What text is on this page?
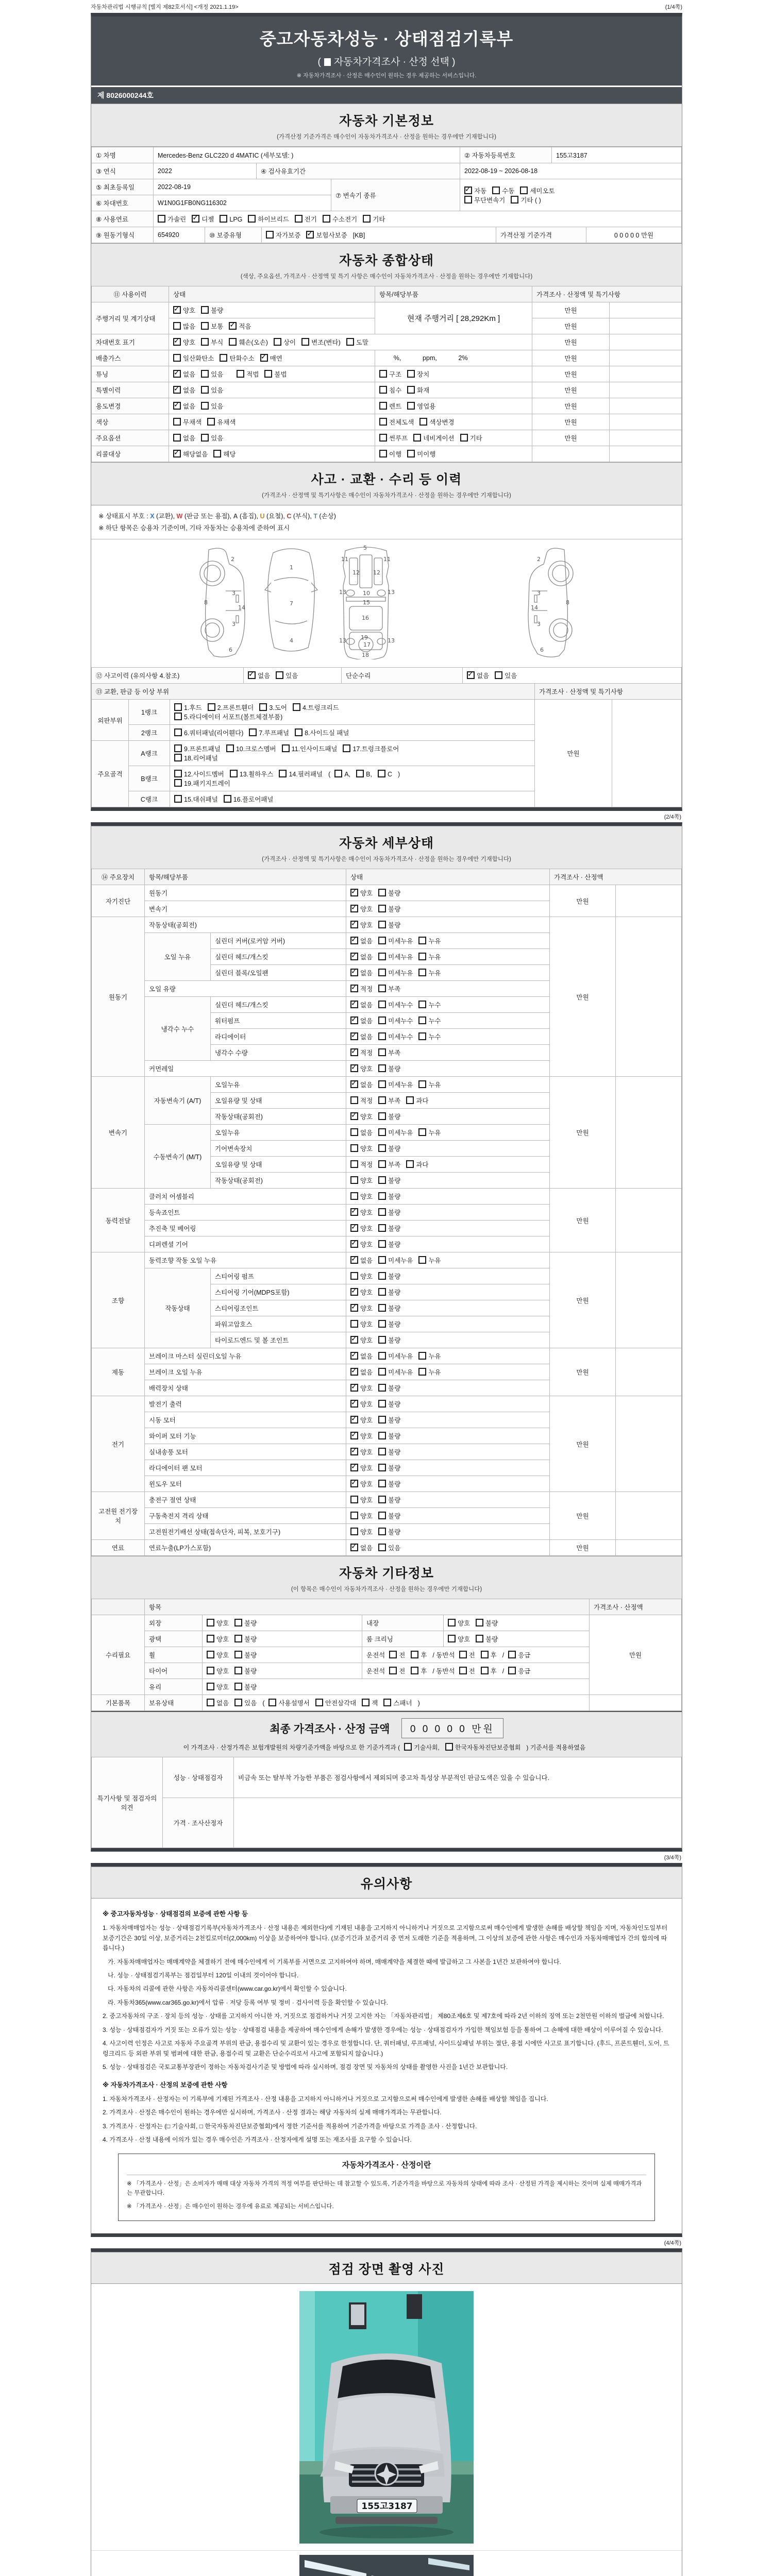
자동차관리법 시행규칙 [별지 제82호서식] <개정 2021.1.19>	(1/4쪽)
중고자동차성능 · 상태점검기록부
( 자동차가격조사 · 산정 선택 )
※ 자동차가격조사 · 산정은 매수인이 원하는 경우 제공하는 서비스입니다.
제 8026000244호
자동차 기본정보
(가격산정 기준가격은 매수인이 자동차가격조사 · 산정을 원하는 경우에만 기재합니다)
① 차명	Mercedes-Benz GLC220 d 4MATIC (세부모델: )	② 자동차등록번호	155고3187
③ 연식	2022	④ 검사유효기간	2022-08-19 ~ 2026-08-18
⑤ 최초등록일	2022-08-19	⑦ 변속기 종류	✓자동 수동 세미오토
무단변속기 기타 ( )
⑥ 차대번호	W1N0G1FB0NG116302		
⑧ 사용연료	가솔린 ✓ 디젤 LPG 하이브리드 전기 수소전기 기타
⑨ 원동기형식	654920	⑩ 보증유형	자가보증 ✓ 보험사보증 [KB]	가격산정 기준가격	0 0 0 0 0 만원
자동차 종합상태
(색상, 주요옵션, 가격조사 · 산정액 및 특기 사항은 매수인이 자동차가격조사 · 산정을 원하는 경우에만 기재합니다)
⑪ 사용이력	상태	항목/해당부품	가격조사 · 산정액 및 특기사항	
주행거리 및 계기상태	✓양호 불량	현재 주행거리 [ 28,292Km ]	만원	
	많음 보통 ✓ 적음		만원	
차대번호 표기	✓양호 부식 훼손(오손) 상이 변조(변타) 도말		만원	
배출가스	일산화탄소 탄화수소 ✓ 매연	%,            ppm,            2%	만원	
튜닝	✓없음 있음 적법 불법	구조 장치	만원	
특별이력	✓없음 있음	침수 화재	만원	
용도변경	✓없음 있음	렌트 영업용	만원	
색상	무채색 유채색	전체도색 색상변경	만원	
주요옵션	없음 있음	썬루프 네비게이션 기타	만원	
리콜대상	✓해당없음 해당	이행 미이행		
사고 · 교환 · 수리 등 이력
(가격조사 · 산정액 및 특기사항은 매수인이 자동차가격조사 · 산정을 원하는 경우에만 기재합니다)
※ 상태표시 부호 : X (교환), W (판금 또는 용접), A (흠집), U (요철), C (부식), T (손상)
※ 하단 항목은 승용차 기준이며, 기타 자동차는 승용차에 준하여 표시
2
3
3
8
14
6
1
7
4
5
11	11
12 12
13	13
10
15
16
19
13	13
17
18
2
3
3
8
14
6
⑫ 사고이력 (유의사항 4.참조)	✓없음 있음	단순수리	✓없음 있음
⑬ 교환, 판금 등 이상 부위			가격조사 · 산정액 및 특기사항	
외판부위	1랭크	1.후드 2.프론트휀더 3.도어 4.트렁크리드
5.라디에이터 서포트(볼트체결부품)	만원	
	2랭크	6.쿼터패널(리어휀다) 7.루프패널 8.사이드실 패널		
주요골격	A랭크	9.프론트패널 10.크로스멤버 11.인사이드패널 17.트렁크플로어
18.리어패널		
	B랭크	12.사이드멤버 13.휠하우스 14.필러패널 ( A, B, C )
19.패키지트레이		
	C랭크	15.대쉬패널 16.플로어패널		
(2/4쪽)
자동차 세부상태
(가격조사 · 산정액 및 특기사항은 매수인이 자동차가격조사 · 산정을 원하는 경우에만 기재합니다)
⑭ 주요장치	항목/해당부품		상태	가격조사 · 산정액	
자기진단	원동기	✓양호 불량	만원	
	변속기	✓양호 불량
원동기	작동상태(공회전)	✓양호 불량	만원	
	오일 누유	실린더 커버(로커암 커버)	✓없음 미세누유 누유
		실린더 헤드/개스킷	✓없음 미세누유 누유
		실린더 블록/오일팬	✓없음 미세누유 누유
	오일 유량	✓적정 부족
	냉각수 누수	실린더 헤드/개스킷	✓없음 미세누수 누수
		워터펌프	✓없음 미세누수 누수
		라디에이터	✓없음 미세누수 누수
		냉각수 수량	✓적정 부족
	커먼레일	✓양호 불량
변속기	자동변속기 (A/T)	오일누유	✓없음 미세누유 누유	만원	
		오일유량 및 상태	적정 부족 과다		
		작동상태(공회전)	✓양호 불량
	수동변속기 (M/T)	오일누유	없음 미세누유 누유		
		기어변속장치	양호 불량		
		오일유량 및 상태	적정 부족 과다		
		작동상태(공회전)	양호 불량		
동력전달	클러치 어셈블리		양호 불량	만원	
	등속죠인트	✓양호 불량
	추진축 및 베어링	✓양호 불량
	디퍼렌셜 기어	✓양호 불량
조향	동력조향 작동 오일 누유	✓없음 미세누유 누유	만원	
	작동상태	스티어링 펌프	양호 불량		
		스티어링 기어(MDPS포함)	✓양호 불량
		스티어링조인트	✓양호 불량
		파워고압호스	양호 불량		
		타이로드엔드 및 볼 조인트	✓양호 불량
제동	브레이크 마스터 실린더오일 누유	✓없음 미세누유 누유	만원	
	브레이크 오일 누유	✓없음 미세누유 누유
	배력장치 상태	✓양호 불량
전기	발전기 출력	✓양호 불량	만원	
	시동 모터	✓양호 불량
	와이퍼 모터 기능	✓양호 불량
	실내송풍 모터	✓양호 불량
	라디에이터 팬 모터	✓양호 불량
	윈도우 모터	✓양호 불량
고전원 전기장치	충전구 절연 상태		양호 불량	만원	
	구동축전지 격리 상태		양호 불량		
	고전원전기배선 상태(접속단자, 피복, 보호기구)		양호 불량		
연료	연료누출(LP가스포함)	✓없음 있음	만원	
자동차 기타정보
(이 항목은 매수인이 자동차가격조사 · 산정을 원하는 경우에만 기재합니다)
	항목				가격조사 · 산정액
수리필요	외장	양호 불량	내장	양호 불량	만원
	광택	양호 불량	룸 크리닝	양호 불량	
	휠	양호 불량	운전석 전 후 / 동반석 전 후 / 응급		
	타이어	양호 불량	운전석 전 후 / 동반석 전 후 / 응급		
	유리	양호 불량			
기본품목	보유상태	없음 있음 ( 사용설명서 안전삼각대 잭 스패너 )			
최종 가격조사 · 산정 금액 0 0 0 0 0 만원
이 가격조사 · 산정가격은 보험개발원의 차량기준가액을 바탕으로 한 기준가격과 ( 기술사회,	한국자동차진단보증협회 ) 기준서를 적용하였음
특기사항 및 점검자의 의견	성능 · 상태점검자	비금속 또는 탈부착 가능한 부품은 점검사항에서 제외되며 중고차 특성상 부분적인 판금도색은 있을 수 있습니다.
	가격 · 조사산정자	
(3/4쪽)
유의사항
※ 중고자동차성능 · 상태점검의 보증에 관한 사항 등
1. 자동차매매업자는 성능 · 상태점검기록부(자동차가격조사 · 산정 내용은 제외한다)에 기재된 내용을 고지하지 아니하거나 거짓으로 고지함으로써 매수인에게 발생한 손해를 배상할 책임을 지며, 자동차인도일부터 보증기간은 30일 이상, 보증거리는 2천킬로미터(2,000km) 이상을 보증하여야 합니다. (보증기간과 보증거리 중 먼저 도래한 기준을 적용하며, 그 이상의 보증에 관한 사항은 매수인과 자동차매매업자 간의 합의에 따릅니다.)
가. 자동차매매업자는 매매계약을 체결하기 전에 매수인에게 이 기록부를 서면으로 고지하여야 하며, 매매계약을 체결한 때에 발급하고 그 사본을 1년간 보관하여야 합니다.
나. 성능 · 상태점검기록부는 점검일부터 120일 이내의 것이어야 합니다.
다. 자동차의 리콜에 관한 사항은 자동차리콜센터(www.car.go.kr)에서 확인할 수 있습니다.
라. 자동차365(www.car365.go.kr)에서 압류 · 저당 등록 여부 및 정비 · 검사이력 등을 확인할 수 있습니다.
2. 중고자동차의 구조 · 장치 등의 성능 · 상태를 고지하지 아니한 자, 거짓으로 점검하거나 거짓 고지한 자는 「자동차관리법」 제80조제6호 및 제7호에 따라 2년 이하의 징역 또는 2천만원 이하의 벌금에 처합니다.
3. 성능 · 상태점검자가 거짓 또는 오류가 있는 성능 · 상태점검 내용을 제공하여 매수인에게 손해가 발생한 경우에는 성능 · 상태점검자가 가입한 책임보험 등을 통하여 그 손해에 대한 배상이 이루어질 수 있습니다.
4. 사고이력 인정은 사고로 자동차 주요골격 부위의 판금, 용접수리 및 교환이 있는 경우로 한정합니다. 단, 쿼터패널, 루프패널, 사이드실패널 부위는 절단, 용접 시에만 사고로 표기합니다. (후드, 프론트휀더, 도어, 트렁크리드 등 외판 부위 및 범퍼에 대한 판금, 용접수리 및 교환은 단순수리로서 사고에 포함되지 않습니다.)
5. 성능 · 상태점검은 국토교통부장관이 정하는 자동차검사기준 및 방법에 따라 실시하며, 점검 장면 및 자동차의 상태를 촬영한 사진을 1년간 보관합니다.
※ 자동차가격조사 · 산정의 보증에 관한 사항
1. 자동차가격조사 · 산정자는 이 기록부에 기재된 가격조사 · 산정 내용을 고지하지 아니하거나 거짓으로 고지함으로써 매수인에게 발생한 손해를 배상할 책임을 집니다.
2. 가격조사 · 산정은 매수인이 원하는 경우에만 실시하며, 가격조사 · 산정 결과는 해당 자동차의 실제 매매가격과는 무관합니다.
3. 가격조사 · 산정자는 (□ 기술사회, □ 한국자동차진단보증협회)에서 정한 기준서를 적용하여 기준가격을 바탕으로 가격을 조사 · 산정합니다.
4. 가격조사 · 산정 내용에 이의가 있는 경우 매수인은 가격조사 · 산정자에게 설명 또는 재조사를 요구할 수 있습니다.
자동차가격조사 · 산정이란
※ 「가격조사 · 산정」은 소비자가 매매 대상 자동차 가격의 적정 여부를 판단하는 데 참고할 수 있도록, 기준가격을 바탕으로 자동차의 상태에 따라 조사 · 산정된 가격을 제시하는 것이며 실제 매매가격과는 무관합니다.
※ 「가격조사 · 산정」은 매수인이 원하는 경우에 유료로 제공되는 서비스입니다.
(4/4쪽)
점검 장면 촬영 사진
155고3187
